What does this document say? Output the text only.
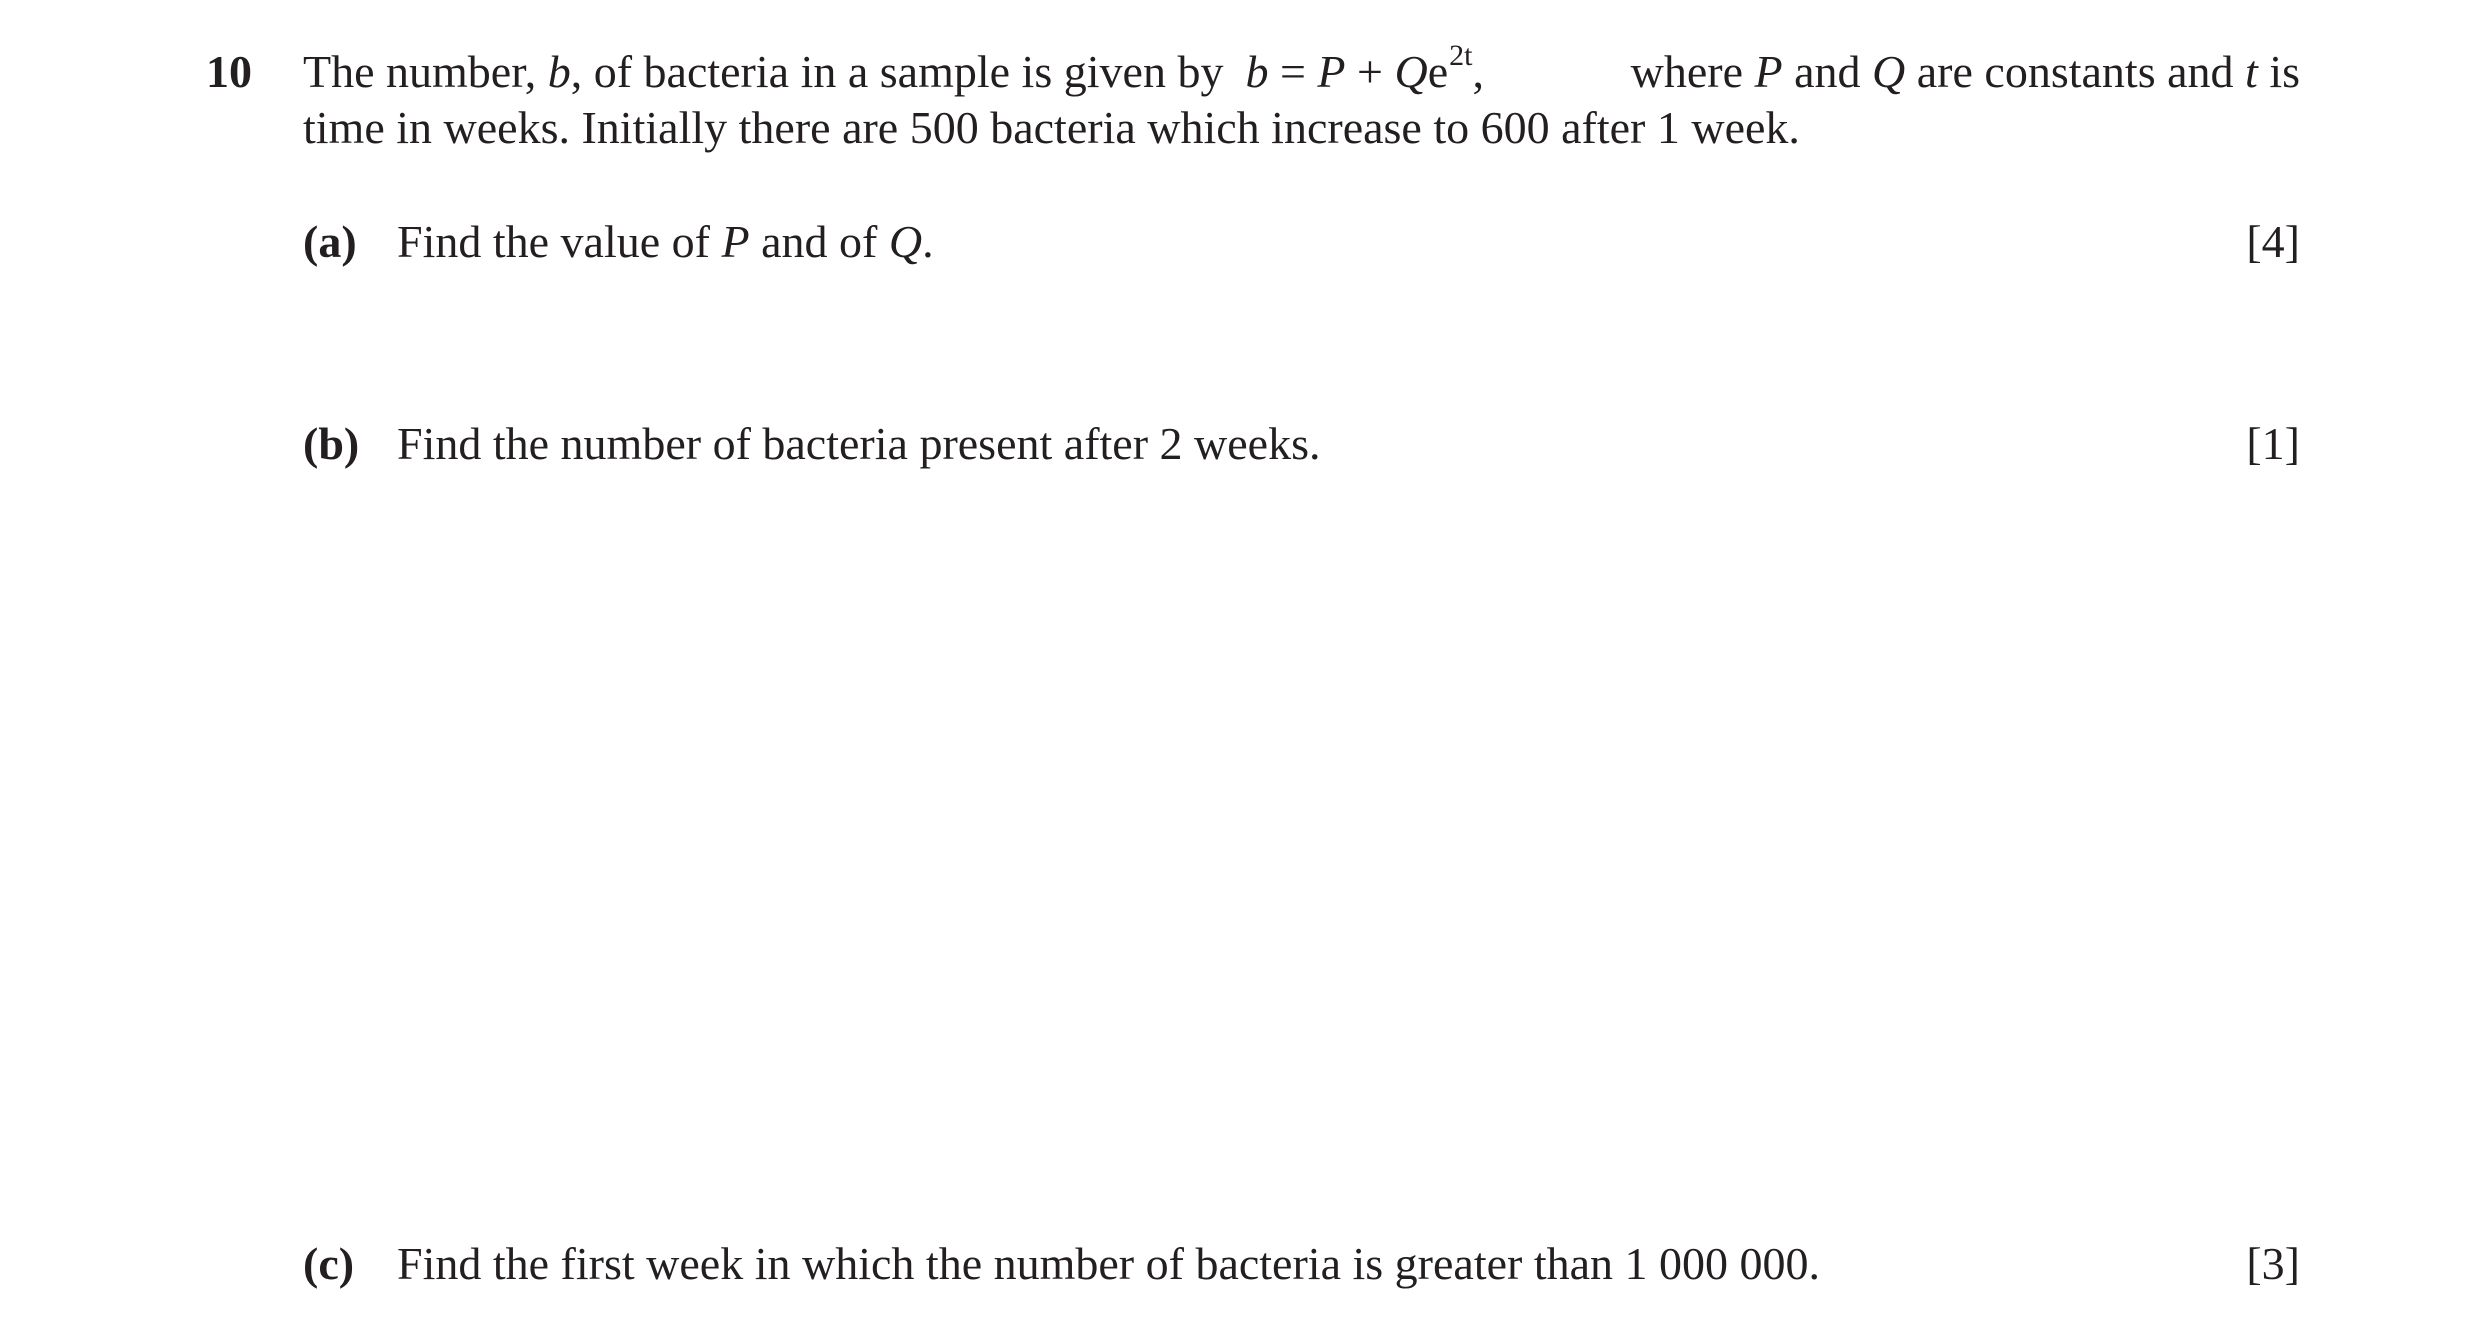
10 The number, b, of bacteria in a sample is given by $b = P + Qe^{2t}$,	where P and Q are constants and t is
time in weeks. Initially there are 500 bacteria which increase to 600 after 1 week.
(a) Find the value of P and of Q.	[4]
(b) Find the number of bacteria present after 2 weeks.	[1]
(c) Find the first week in which the number of bacteria is greater than 1 000 000.	[3]
